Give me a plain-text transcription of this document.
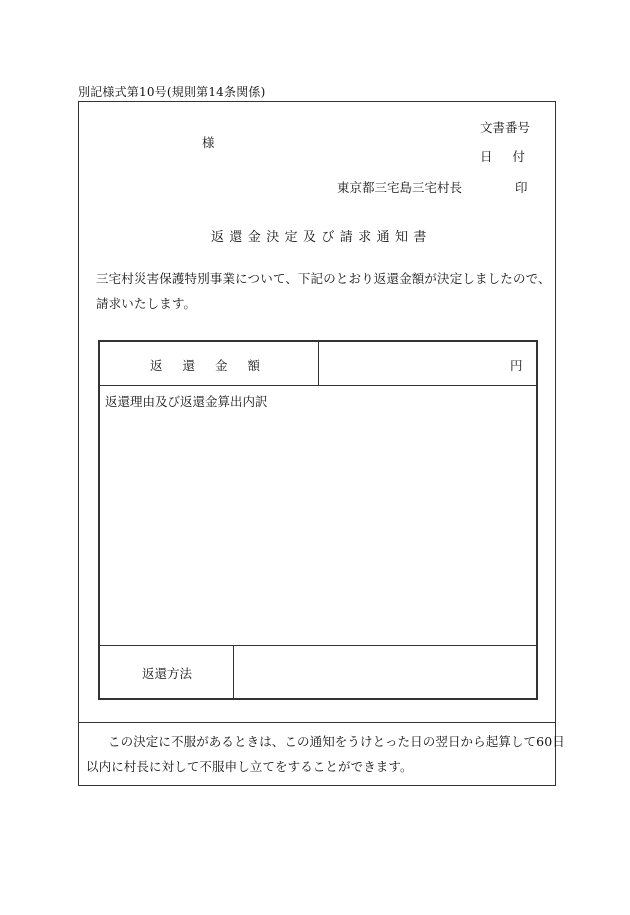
別記様式第10号(規則第14条関係)
様
文書番号
日付
東京都三宅島三宅村長	印
返還金決定及び請求通知書
三宅村災害保護特別事業について、下記のとおり返還金額が決定しましたので、
請求いたします。
返還金額	円
返還理由及び返還金算出内訳
返還方法
この決定に不服があるときは、この通知をうけとった日の翌日から起算して60日
以内に村長に対して不服申し立てをすることができます。
